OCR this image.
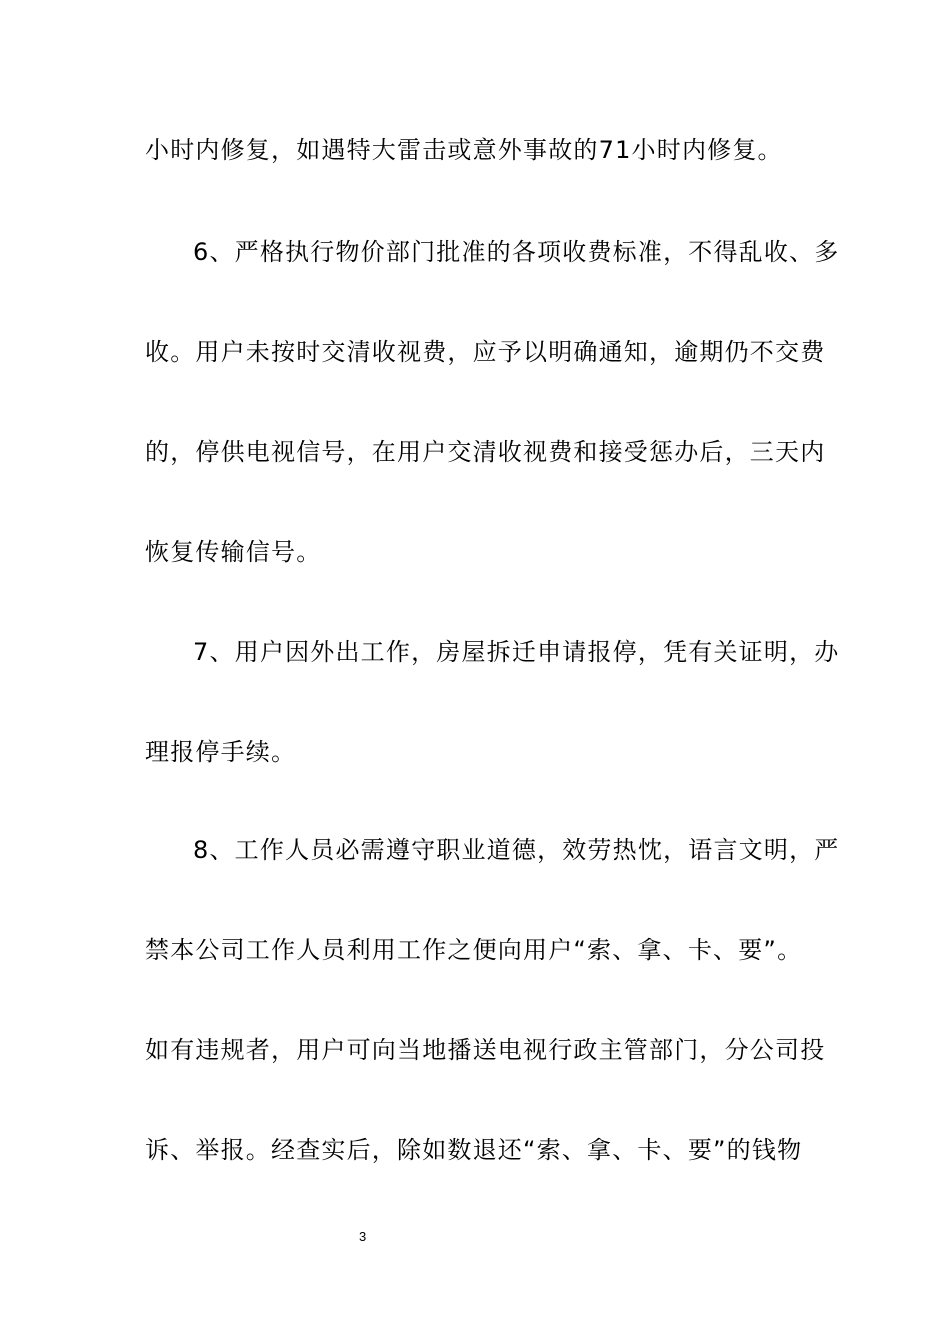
小时内修复，如遇特大雷击或意外事故的71小时内修复。
6、严格执行物价部门批准的各项收费标准，不得乱收、多
收。用户未按时交清收视费，应予以明确通知，逾期仍不交费
的，停供电视信号，在用户交清收视费和接受惩办后，三天内
恢复传输信号。
7、用户因外出工作，房屋拆迁申请报停，凭有关证明，办
理报停手续。
8、工作人员必需遵守职业道德，效劳热忱，语言文明，严
禁本公司工作人员利用工作之便向用户“索、拿、卡、要”。
如有违规者，用户可向当地播送电视行政主管部门，分公司投
诉、举报。经查实后，除如数退还“索、拿、卡、要”的钱物
3
